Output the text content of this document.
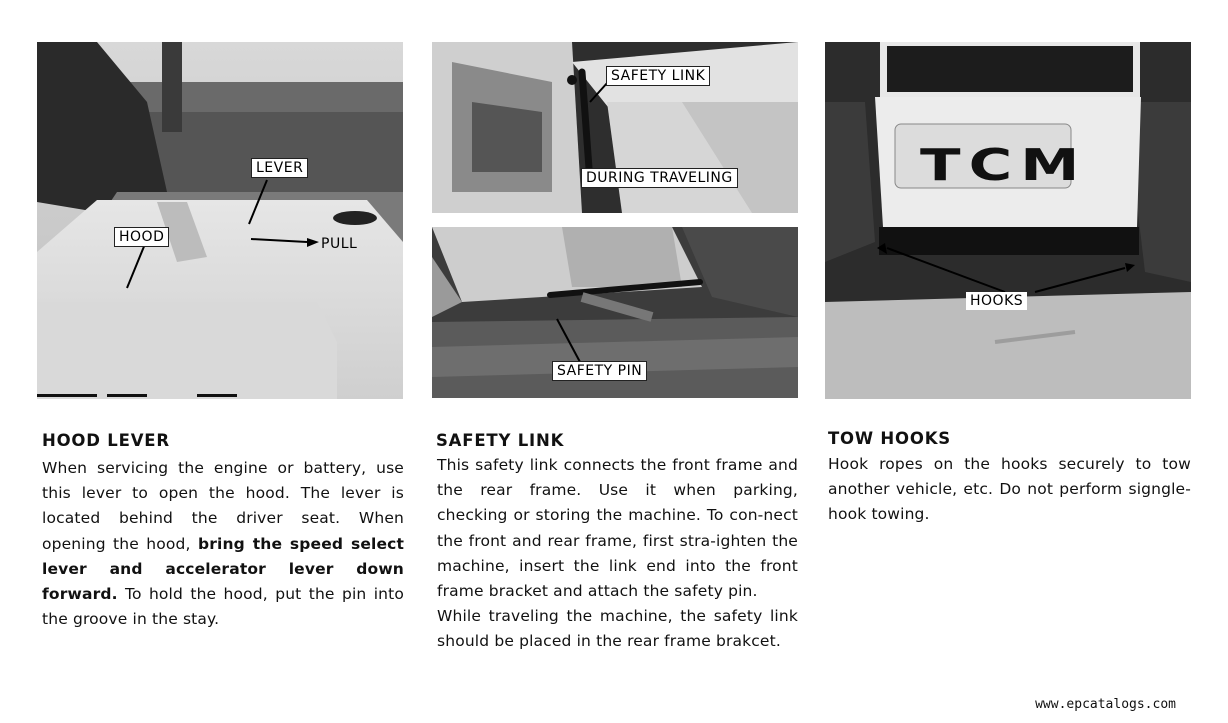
LEVER
HOOD	PULL
SAFETY LINK
DURING TRAVELING
SAFETY PIN
TCM
HOOKS
HOOD LEVER
When servicing the engine or battery, use this lever to open the hood. The lever is located behind the driver seat. When opening the hood, bring the speed select lever and accelerator lever down forward. To hold the hood, put the pin into the groove in the stay.
SAFETY LINK
This safety link connects the front frame and the rear frame. Use it when parking, checking or storing the machine. To con-nect the front and rear frame, first stra-ighten the machine, insert the link end into the front frame bracket and attach the safety pin.
While traveling the machine, the safety link should be placed in the rear frame brakcet.
TOW HOOKS
Hook ropes on the hooks securely to tow another vehicle, etc. Do not perform signgle-hook towing.
www.epcatalogs.com
